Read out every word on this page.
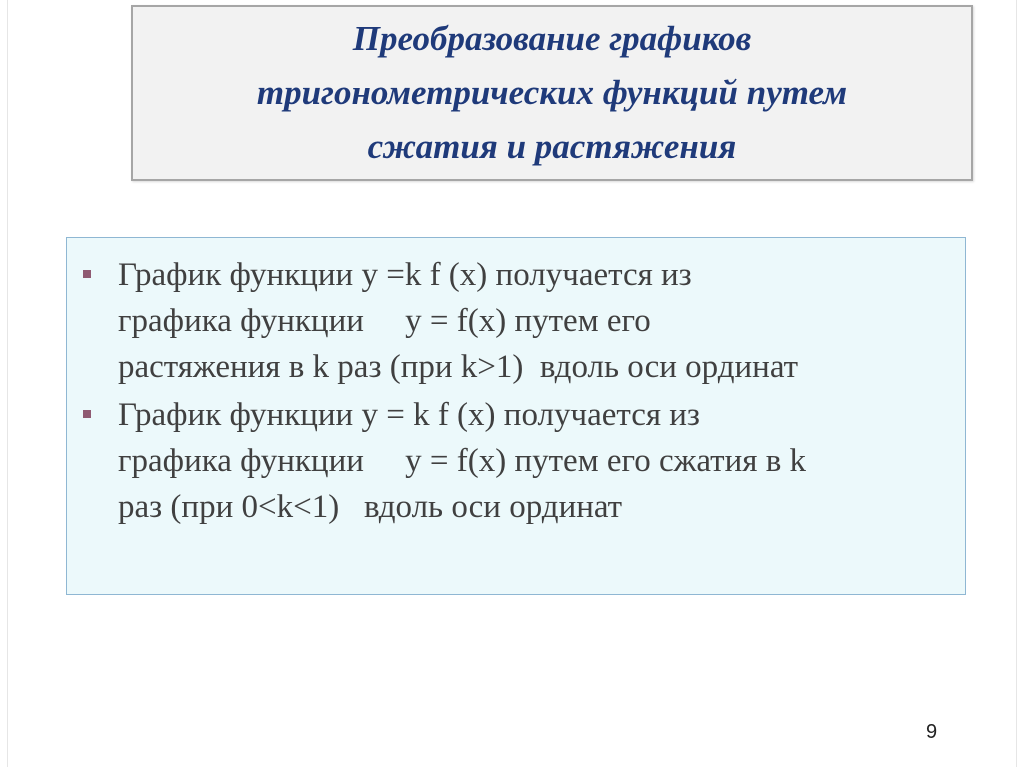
Преобразование графиков
тригонометрических функций путем
сжатия и растяжения
График функции y =k f (x) получается из
графика функции     y = f(x) путем его
растяжения в k раз (при k>1)  вдоль оси ординат
График функции y = k f (x) получается из
графика функции     y = f(x) путем его сжатия в k
раз (при 0<k<1)   вдоль оси ординат
9
